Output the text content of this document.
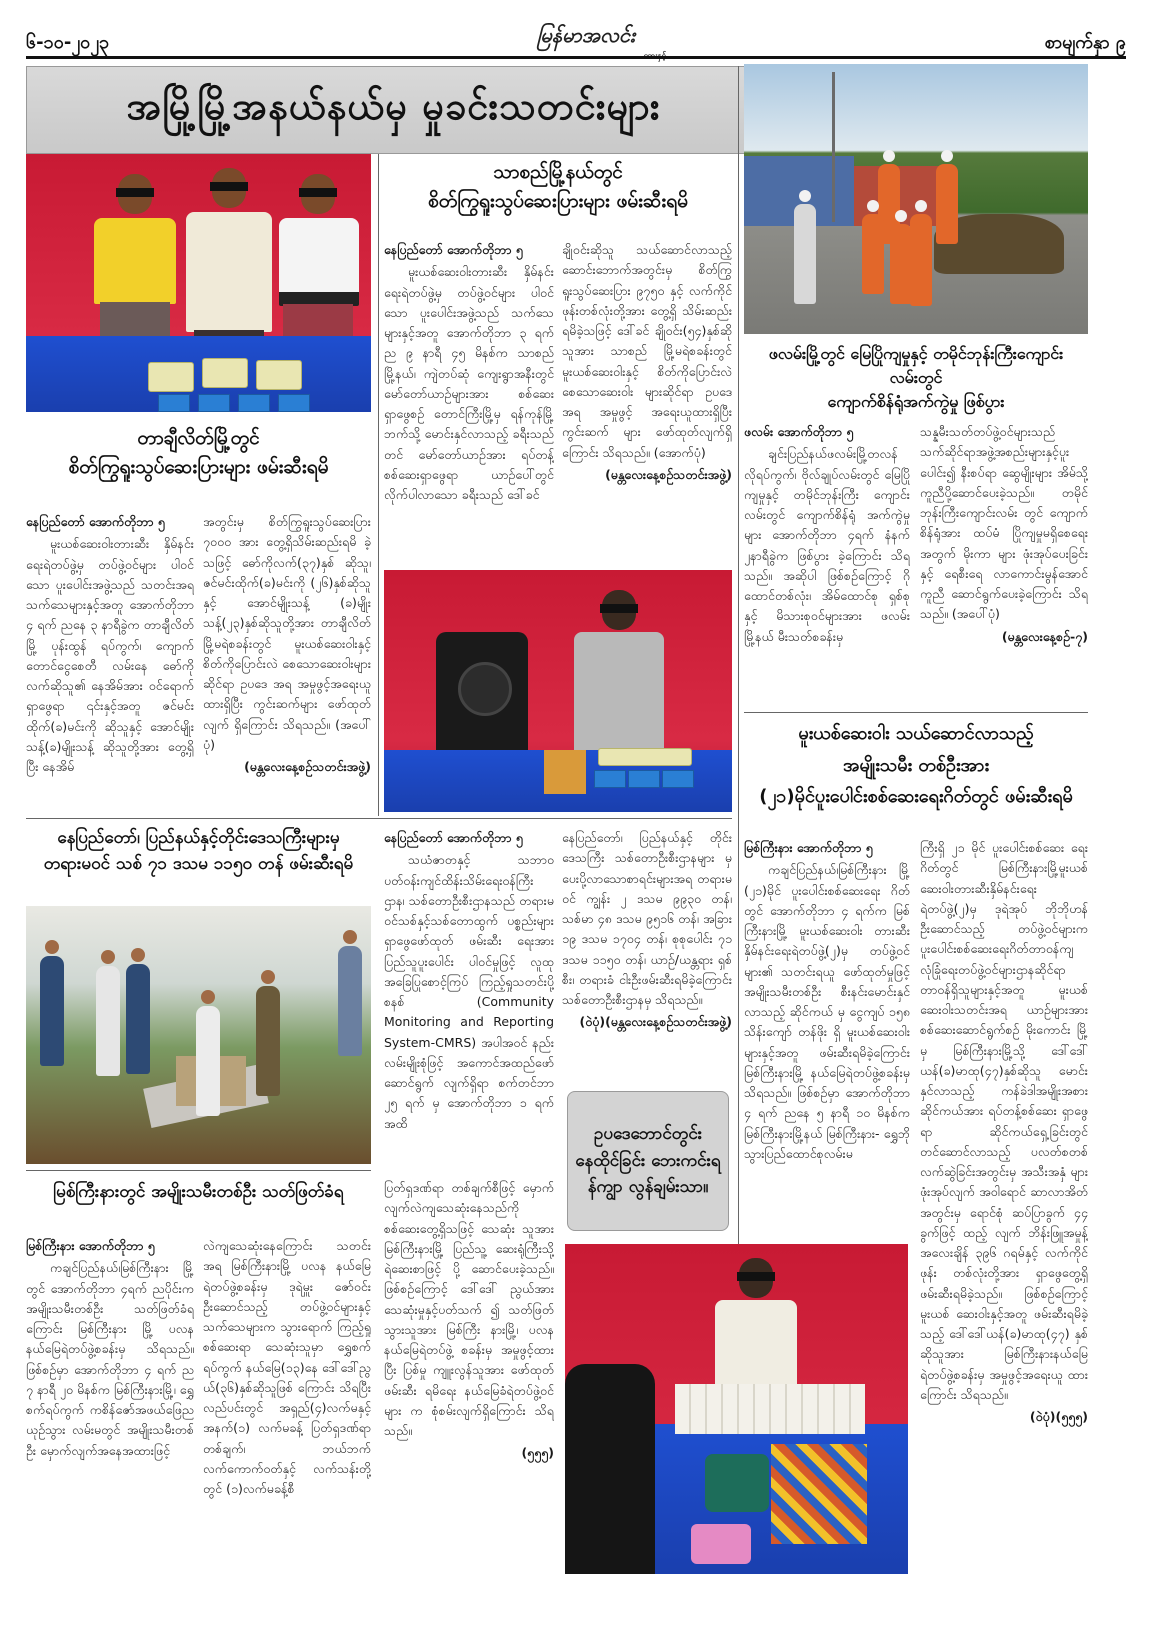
၆-၁၀-၂၀၂၃	မြန်မာအလင်း	စာမျက်နှာ ၉
အမြို့မြို့အနယ်နယ်မှ မှုခင်းသတင်းများ
တာချီလိတ်မြို့တွင်
စိတ်ကြွရူးသွပ်ဆေးပြားများ ဖမ်းဆီးရမိ

နေပြည်တော် အောက်တိုဘာ ၅

မူးယစ်ဆေးဝါးတားဆီး နှိမ်နင်းရေးရဲတပ်ဖွဲ့မှ တပ်ဖွဲ့ဝင်များ ပါဝင်သော ပူးပေါင်းအဖွဲ့သည် သတင်းအရ သက်သေများနှင့်အတူ အောက်တိုဘာ ၄ ရက် ညနေ ၃ နာရီခွဲက တာချီလိတ်မြို့ ပုန်းထွန် ရပ်ကွက်၊ ကျောက်တောင်ငွေစေတီ လမ်းနေ ဓော်ကိုလက်ဆိုသူ၏ နေအိမ်အား ဝင်ရောက်ရှာဖွေရာ ၎င်းနှင့်အတူ ဇင်မင်းထိုက်(ခ)မင်းကို ဆိုသူနှင့် အောင်မျိုးသန့်(ခ)မျိုးသန့် ဆိုသူတို့အား တွေ့ရှိပြီး နေအိမ်

အတွင်းမှ စိတ်ကြွရူးသွပ်ဆေးပြား ၇၀၀၀ အား တွေ့ရှိသိမ်းဆည်းရမိ ခဲ့သဖြင့် ဓော်ကိုလက်(၃၇)နှစ် ဆိုသူ၊ ဇင်မင်းထိုက်(ခ)မင်းကို (၂၆)နှစ်ဆိုသူနှင့် အောင်မျိုးသန့် (ခ)မျိုးသန့်(၂၃)နှစ်ဆိုသူတို့အား တာချီလိတ်မြို့မရဲစခန်းတွင် မူးယစ်ဆေးဝါးနှင့် စိတ်ကိုပြောင်းလဲ စေသောဆေးဝါးများဆိုင်ရာ ဥပဒေ အရ အမှုဖွင့်အရေးယူထားရှိပြီး ကွင်းဆက်များ ဖော်ထုတ်လျက် ရှိကြောင်း သိရသည်။ (အပေါ်ပုံ)

(မန္တလေးနေ့စဉ်သတင်းအဖွဲ့)
သာစည်မြို့နယ်တွင်
စိတ်ကြွရူးသွပ်ဆေးပြားများ ဖမ်းဆီးရမိ

နေပြည်တော် အောက်တိုဘာ ၅

မူးယစ်ဆေးဝါးတားဆီး နှိမ်နင်းရေးရဲတပ်ဖွဲ့မှ တပ်ဖွဲ့ဝင်များ ပါဝင်သော ပူးပေါင်းအဖွဲ့သည် သက်သေများနှင့်အတူ အောက်တိုဘာ ၃ ရက် ည ၉ နာရီ ၄၅ မိနစ်က သာစည်မြို့နယ်၊ ကျဲတပ်ဆုံ ကျေးရွာအနီးတွင် မော်တော်ယာဉ်များအား စစ်ဆေးရှာဖွေစဉ် တောင်ကြီးမြို့မှ ရန်ကုန်မြို့ဘက်သို့ မောင်းနှင်လာသည့် ခရီးသည်တင် မော်တော်ယာဉ်အား ရပ်တန့် စစ်ဆေးရှာဖွေရာ ယာဉ်ပေါ်တွင် လိုက်ပါလာသော ခရီးသည် ဒေါ်ခင်

ချိုဝင်းဆိုသူ သယ်ဆောင်လာသည့် ဆောင်းဘောက်အတွင်းမှ စိတ်ကြွ ရူးသွပ်ဆေးပြား ၉၇၅၀ နှင့် လက်ကိုင်ဖုန်းတစ်လုံးတို့အား တွေ့ရှိ သိမ်းဆည်းရမိခဲ့သဖြင့် ဒေါ်ခင် ချိုဝင်း(၅၄)နှစ်ဆိုသူအား သာစည် မြို့မရဲစခန်းတွင် မူးယစ်ဆေးဝါးနှင့် စိတ်ကိုပြောင်းလဲစေသောဆေးဝါး များဆိုင်ရာ ဥပဒေအရ အမှုဖွင့် အရေးယူထားရှိပြီး ကွင်းဆက် များ ဖော်ထုတ်လျက်ရှိကြောင်း သိရသည်။ (အောက်ပုံ)

(မန္တလေးနေ့စဉ်သတင်းအဖွဲ့)
ဖလမ်းမြို့တွင် မြေပြိုကျမှုနှင့် တမိုင်ဘုန်းကြီးကျောင်းလမ်းတွင်
ကျောက်စိန်ရုံအက်ကွဲမှု ဖြစ်ပွား

ဖလမ်း အောက်တိုဘာ ၅

ချင်းပြည်နယ်ဖလမ်းမြို့တလန် လိုရပ်ကွက်၊ ဗိုလ်ချုပ်လမ်းတွင် မြေပြိုကျမှုနှင့် တမိုင်ဘုန်းကြီး ကျောင်းလမ်းတွင် ကျောက်စိန်ရုံ အက်ကွဲမှုများ အောက်တိုဘာ ၄ရက် နံနက် ၂နာရီခွဲက ဖြစ်ပွား ခဲ့ကြောင်း သိရသည်။ အဆိုပါ ဖြစ်စဉ်ကြောင့် ဂိုထောင်တစ်လုံး၊ အိမ်ထောင်စု ရှစ်စုနှင့် မိသားစုဝင်များအား ဖလမ်းမြို့နယ် မီးသတ်စခန်းမှ

သန္နမီးသတ်တပ်ဖွဲ့ဝင်များသည် သက်ဆိုင်ရာအဖွဲ့အစည်းများနှင့်ပူး ပေါင်း၍ နီးစပ်ရာ ဆွေမျိုးများ အိမ်သို့ ကူညီပို့ဆောင်ပေးခဲ့သည်။ တမိုင်ဘုန်းကြီးကျောင်းလမ်း တွင် ကျောက်စိန်ရုံအား ထပ်မံ ပြိုကျမှုမရှိစေရေးအတွက် မိုးကာ များ ဖုံးအုပ်ပေးခြင်းနှင့် ရေစီးရေ လာကောင်းမွန်အောင် ကူညီ ဆောင်ရွက်ပေးခဲ့ကြောင်း သိရ သည်။ (အပေါ်ပုံ)

(မန္တလေးနေ့စဉ်-၇)
မူးယစ်ဆေးဝါး သယ်ဆောင်လာသည့်
အမျိုးသမီး တစ်ဦးအား
(၂၁)မိုင်ပူးပေါင်းစစ်ဆေးရေးဂိတ်တွင် ဖမ်းဆီးရမိ

မြစ်ကြီးနား အောက်တိုဘာ ၅

ကချင်ပြည်နယ်၊မြစ်ကြီးနား မြို့ (၂၁)မိုင် ပူးပေါင်းစစ်ဆေးရေး ဂိတ်တွင် အောက်တိုဘာ ၄ ရက်က မြစ်ကြီးနားမြို့ မူးယစ်ဆေးဝါး တားဆီး နှိမ်နင်းရေးရဲတပ်ဖွဲ့(၂)မှ တပ်ဖွဲ့ဝင်များ၏ သတင်းရယူ ဖော်ထုတ်မှုဖြင့် အမျိုးသမီးတစ်ဦး စီးနင်းမောင်းနှင်လာသည့် ဆိုင်ကယ် မှ ငွေကျပ် ၁၅၈ သိန်းကျော် တန်ဖိုး ရှိ မူးယစ်ဆေးဝါးများနှင့်အတူ ဖမ်းဆီးရမိခဲ့ကြောင်း မြစ်ကြီးနားမြို့ နယ်မြေရဲတပ်ဖွဲ့စခန်းမှ သိရသည်။ ဖြစ်စဉ်မှာ အောက်တိုဘာ ၄ ရက် ညနေ ၅ နာရီ ၁၀ မိနစ်က မြစ်ကြီးနားမြို့နယ် မြစ်ကြီးနား- ရွှေဘိုသွားပြည်ထောင်စုလမ်းမ

ကြီးရှိ ၂၁ မိုင် ပူးပေါင်းစစ်ဆေး ရေးဂိတ်တွင် မြစ်ကြီးနားမြို့မူးယစ် ဆေးဝါးတားဆီးနှိမ်နင်းရေး ရဲတပ်ဖွဲ့(၂)မှ ဒုရဲအုပ် ဘိုဘိုဟန် ဦးဆောင်သည့် တပ်ဖွဲ့ဝင်များက ပူးပေါင်းစစ်ဆေးရေးဂိတ်တာဝန်ကျ လုံခြုံရေးတပ်ဖွဲ့ဝင်များဌာနဆိုင်ရာ တာဝန်ရှိသူများနှင့်အတူ မူးယစ် ဆေးဝါးသတင်းအရ ယာဉ်များအား စစ်ဆေးဆောင်ရွက်စဉ် မိုးကောင်း မြို့မှ မြစ်ကြီးနားမြို့သို့ ဒေါ်ဒေါ် ယန်(ခ)မာထု(၄၇)နှစ်ဆိုသူ မောင်း နှင်လာသည့် ကန်ခဲဒါအမျိုးအစား ဆိုင်ကယ်အား ရပ်တန့်စစ်ဆေး ရှာဖွေရာ ဆိုင်ကယ်ရှေ့ခြင်းတွင် တင်ဆောင်လာသည့် ပလတ်စတစ် လက်ဆွဲခြင်းအတွင်းမှ အသီးအနှံ များ ဖုံးအုပ်လျက် အဝါရောင် ဆာလာအိတ်အတွင်းမှ ရောင်စုံ ဆပ်ပြာခွက် ၄၄ ခွက်ဖြင့် ထည့် လျက် ဘိန်းဖြူအမှုန့်အလေးချိန် ၃၉၆ ဂရမ်နှင့် လက်ကိုင်ဖုန်း တစ်လုံးတို့အား ရှာဖွေတွေ့ရှိ ဖမ်းဆီးရမိခဲ့သည်။ ဖြစ်စဉ်ကြောင့် မူးယစ် ဆေးဝါးနှင့်အတူ ဖမ်းဆီးရမိခဲ့ သည့် ဒေါ်ဒေါ်ယန်(ခ)မာထု(၄၇) နှစ်ဆိုသူအား မြစ်ကြီးနားနယ်မြေ ရဲတပ်ဖွဲ့စခန်းမှ အမှုဖွင့်အရေးယူ ထားကြောင်း သိရသည်။

(ဝဲပုံ)(၅၅၅)
နေပြည်တော်၊ ပြည်နယ်နှင့်တိုင်းဒေသကြီးများမှ
တရားမဝင် သစ် ၇၁ ဒသမ ၁၁၅၀ တန် ဖမ်းဆီးရမိ

နေပြည်တော် အောက်တိုဘာ ၅

သယံဇာတနှင့် သဘာဝ ပတ်ဝန်းကျင်ထိန်းသိမ်းရေးဝန်ကြီး ဌာန၊ သစ်တောဦးစီးဌာနသည် တရားမဝင်သစ်နှင့်သစ်တောထွက် ပစ္စည်းများရှာဖွေဖော်ထုတ် ဖမ်းဆီး ရေးအား ပြည်သူပူးပေါင်း ပါဝင်မှုဖြင့် လူထုအခြေပြုစောင့်ကြပ် ကြည့်ရှုသတင်းပို့စနစ် (Community Monitoring and Reporting System-CMRS) အပါအဝင် နည်းလမ်းမျိုးစုံဖြင့် အကောင်အထည်ဖော်ဆောင်ရွက် လျက်ရှိရာ စက်တင်ဘာ ၂၅ ရက် မှ အောက်တိုဘာ ၁ ရက်အထိ

နေပြည်တော်၊ ပြည်နယ်နှင့် တိုင်း ဒေသကြီး သစ်တောဦးစီးဌာနများ မှ ပေးပို့လာသောစာရင်းများအရ တရားမဝင် ကျွန်း ၂ ဒသမ ၉၉၃၀ တန်၊ သစ်မာ ၄၈ ဒသမ ၉၅၁၆ တန်၊ အခြား ၁၉ ဒသမ ၁၇၀၄ တန်၊ စုစုပေါင်း ၇၁ ဒသမ ၁၁၅၀ တန်၊ ယာဉ်/ယန္တရား ရှစ်စီး၊ တရားခံ ငါးဦးဖမ်းဆီးရမိခဲ့ကြောင်း သစ်တောဦးစီးဌာနမှ သိရသည်။

(ဝဲပုံ)(မန္တလေးနေ့စဉ်သတင်းအဖွဲ့)
ဥပဒေဘောင်တွင်း နေထိုင်ခြင်း ဘေးကင်းရန်ကျွာ လွန်ချမ်းသာ။
မြစ်ကြီးနားတွင် အမျိုးသမီးတစ်ဦး သတ်ဖြတ်ခံရ

မြစ်ကြီးနား အောက်တိုဘာ ၅

ကချင်ပြည်နယ်၊မြစ်ကြီးနား မြို့တွင် အောက်တိုဘာ ၄ရက် ညပိုင်းက အမျိုးသမီးတစ်ဦး သတ်ဖြတ်ခံရကြောင်း မြစ်ကြီးနား မြို့ ပလန နယ်မြေရဲတပ်ဖွဲ့စခန်းမှ သိရသည်။ ဖြစ်စဉ်မှာ အောက်တိုဘာ ၄ ရက် ည ၇ နာရီ ၂၀ မိနစ်က မြစ်ကြီးနားမြို့၊ ရွှေစက်ရပ်ကွက် ကစိန်ဇော်အဖယ်ဖြေညယုဉ်သွား လမ်းမတွင် အမျိုးသမီးတစ်ဦး မှောက်လျက်အနေအထားဖြင့်

လဲကျသေဆုံးနေကြောင်း သတင်း အရ မြစ်ကြီးနားမြို့ ပလန နယ်မြေ ရဲတပ်ဖွဲ့စခန်းမှ ဒုရဲမှူး ဇော်ဝင်း ဦးဆောင်သည့် တပ်ဖွဲ့ဝင်များနှင့် သက်သေများက သွားရောက် ကြည့်ရှုစစ်ဆေးရာ သေဆုံးသူမှာ ရွှေစက်ရပ်ကွက် နယ်မြေ(၁၃)နေ ဒေါ်ဒေါ်ညွယ်(၃၆)နှစ်ဆိုသူဖြစ် ကြောင်း သိရပြီး လည်ပင်းတွင် အရှည်(၄)လက်မနှင့် အနက်(၁) လက်မခန့် ပြတ်ရှဒဏ်ရာတစ်ချက်၊ ဘယ်ဘက် လက်ကောက်ဝတ်နှင့် လက်သန်းတို့တွင် (၁)လက်မခန့်စီ

ပြတ်ရှဒဏ်ရာ တစ်ချက်စီဖြင့် မှောက်လျက်လဲကျသေဆုံးနေသည်ကို စစ်ဆေးတွေ့ရှိသဖြင့် သေဆုံး သူအား မြစ်ကြီးနားမြို့ ပြည်သူ့ ဆေးရုံကြီးသို့ ရဲဆေးစာဖြင့် ပို့ ဆောင်ပေးခဲ့သည်။ ဖြစ်စဉ်ကြောင့် ဒေါ်ဒေါ် ညွယ်အားသေဆုံးမှုနှင့်ပတ်သက် ၍ သတ်ဖြတ်သွားသူအား မြစ်ကြီး နားမြို့၊ ပလနနယ်မြေရဲတပ်ဖွဲ့ စခန်းမှ အမှုဖွင့်ထားပြီး ပြစ်မှု ကျူးလွန်သူအား ဖော်ထုတ်ဖမ်းဆီး ရမိရေး နယ်မြေခံရဲတပ်ဖွဲ့ဝင်များ က စုံစမ်းလျက်ရှိကြောင်း သိရ သည်။

(၅၅၅)
